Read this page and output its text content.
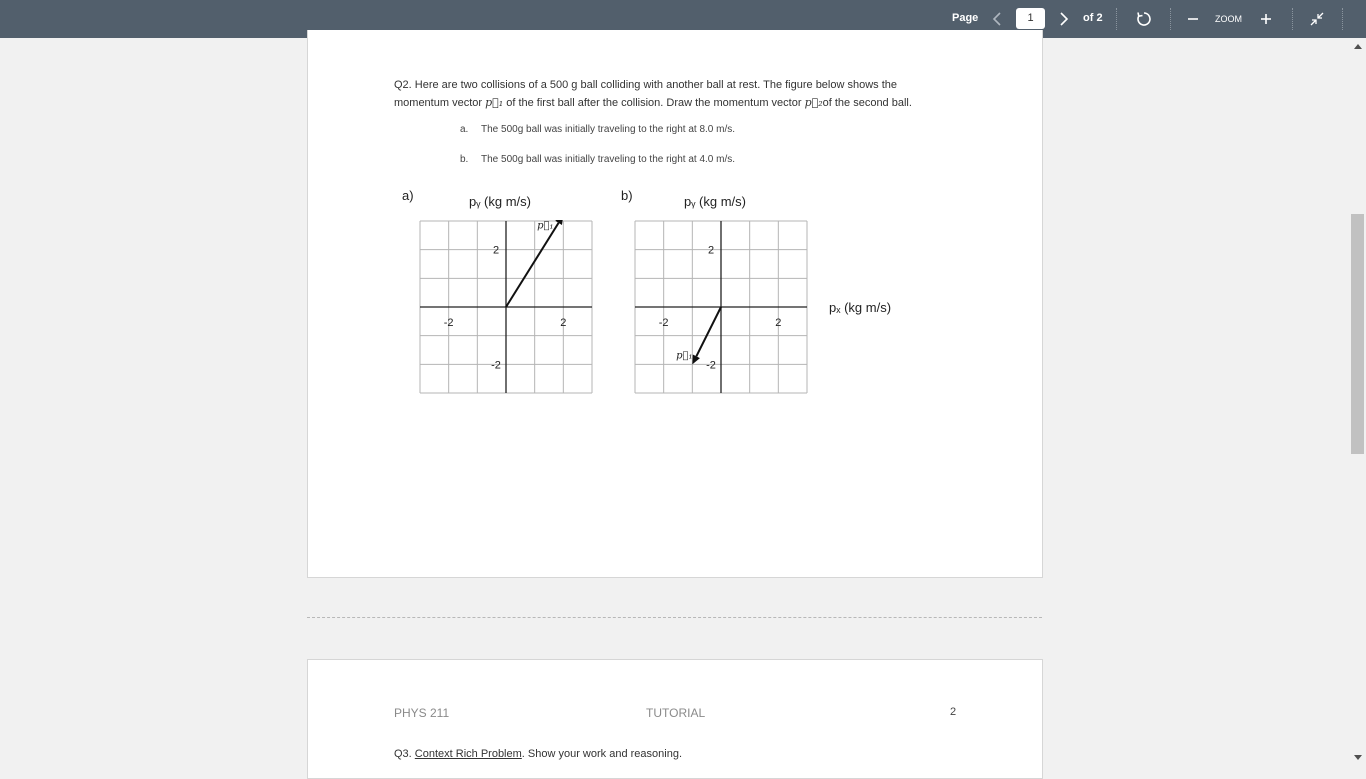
Page	1	of 2	ZOOM
Q2. Here are two collisions of a 500 g ball colliding with another ball at rest. The figure below shows the
momentum vector p⃗₁ of the first ball after the collision. Draw the momentum vector p⃗₂of the second ball.
a. The 500g ball was initially traveling to the right at 8.0 m/s.
b. The 500g ball was initially traveling to the right at 4.0 m/s.
a)	pᵧ (kg m/s)	b)	pᵧ (kg m/s)
pₓ (kg m/s)
2
-2
2
-2
p⃗₁
2
-2
2
-2
p⃗₁
PHYS 211	TUTORIAL	2
Q3. Context Rich Problem. Show your work and reasoning.
